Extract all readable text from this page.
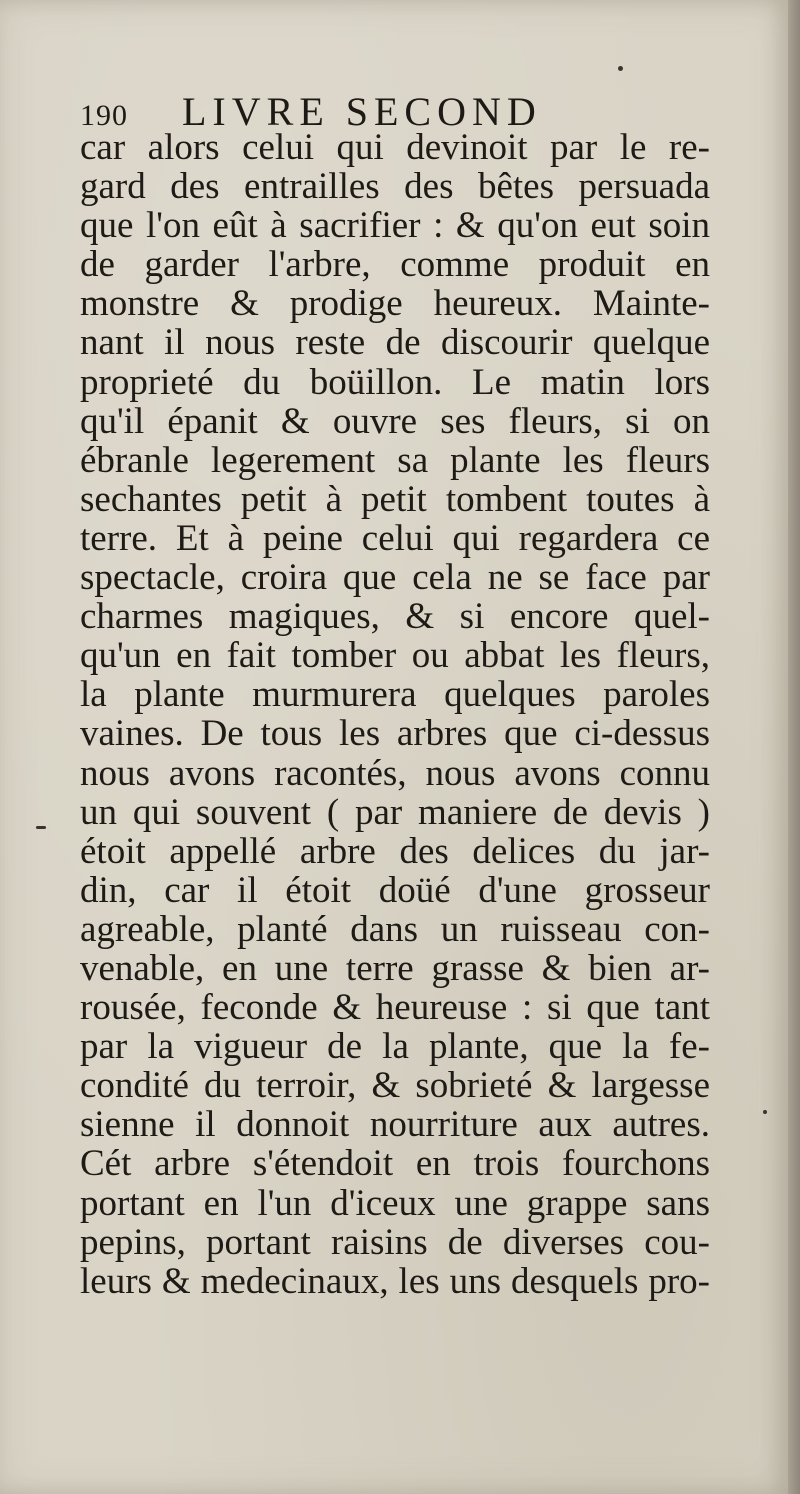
190	LIVRE SECOND
car alors celui qui devinoit par le re-
gard des entrailles des bêtes persuada
que l'on eût à sacrifier : & qu'on eut soin
de garder l'arbre, comme produit en
monstre & prodige heureux. Mainte-
nant il nous reste de discourir quelque
proprieté du boüillon. Le matin lors
qu'il épanit & ouvre ses fleurs, si on
ébranle legerement sa plante les fleurs
sechantes petit à petit tombent toutes à
terre. Et à peine celui qui regardera ce
spectacle, croira que cela ne se face par
charmes magiques, & si encore quel-
qu'un en fait tomber ou abbat les fleurs,
la plante murmurera quelques paroles
vaines. De tous les arbres que ci-dessus
nous avons racontés, nous avons connu
un qui souvent ( par maniere de devis )
étoit appellé arbre des delices du jar-
din, car il étoit doüé d'une grosseur
agreable, planté dans un ruisseau con-
venable, en une terre grasse & bien ar-
rousée, feconde & heureuse : si que tant
par la vigueur de la plante, que la fe-
condité du terroir, & sobrieté & largesse
sienne il donnoit nourriture aux autres.
Cét arbre s'étendoit en trois fourchons
portant en l'un d'iceux une grappe sans
pepins, portant raisins de diverses cou-
leurs & medecinaux, les uns desquels pro-
